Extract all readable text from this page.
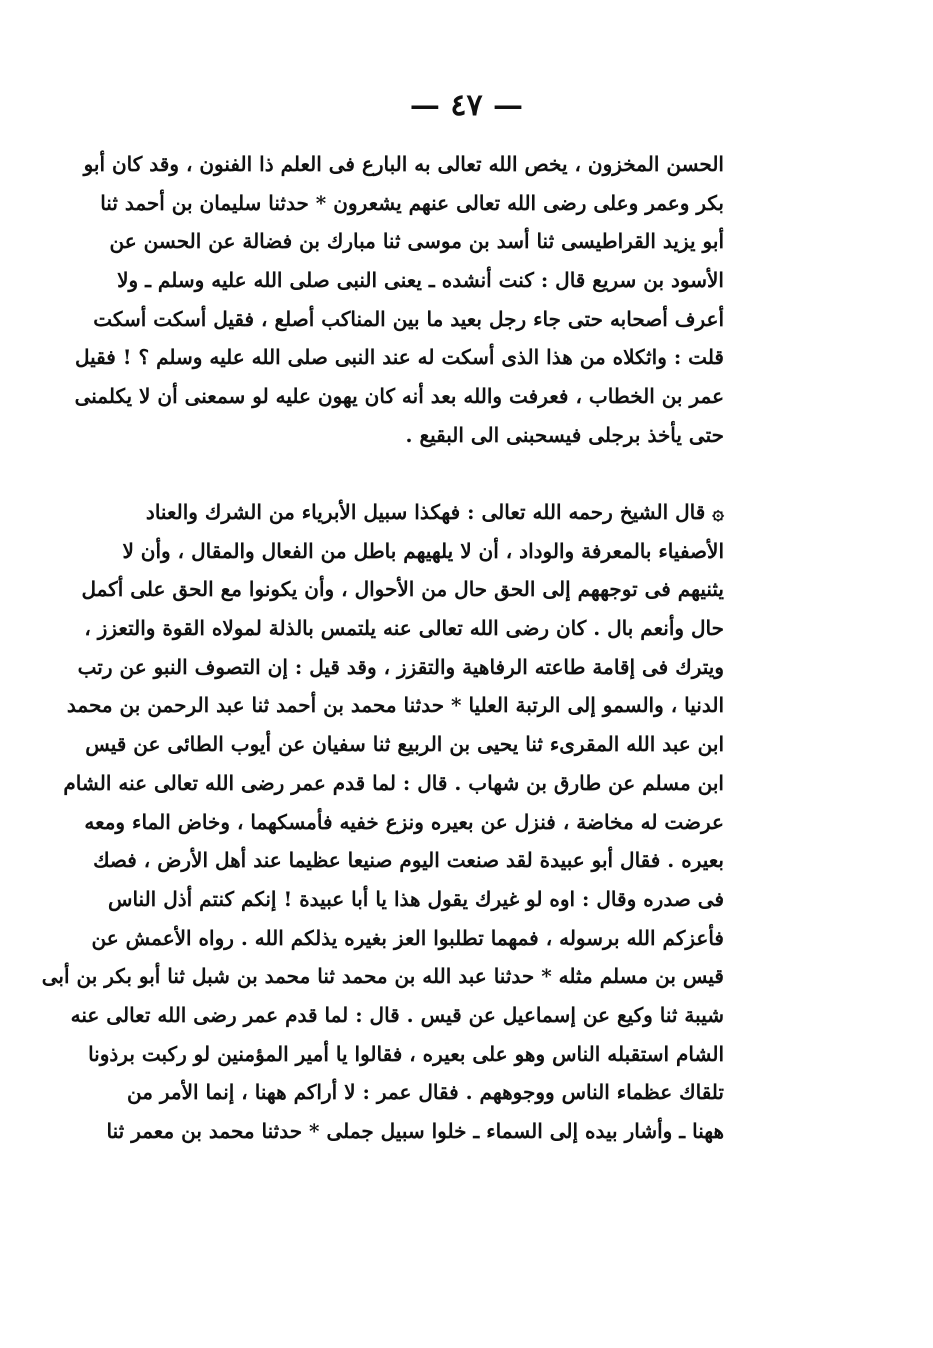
— ٤٧ —
الحسن المخزون ، يخص الله تعالى به البارع فى العلم ذا الفنون ، وقد كان أبو
بكر وعمر وعلى رضى الله تعالى عنهم يشعرون * حدثنا سليمان بن أحمد ثنا
أبو يزيد القراطيسى ثنا أسد بن موسى ثنا مبارك بن فضالة عن الحسن عن
الأسود بن سريع قال : كنت أنشده ـ يعنى النبى صلى الله عليه وسلم ـ ولا
أعرف أصحابه حتى جاء رجل بعيد ما بين المناكب أصلع ، فقيل أسكت أسكت
قلت : واثكلاه من هذا الذى أسكت له عند النبى صلى الله عليه وسلم ؟ ! فقيل
عمر بن الخطاب ، فعرفت والله بعد أنه كان يهون عليه لو سمعنى أن لا يكلمنى
حتى يأخذ برجلى فيسحبنى الى البقيع .
۞ قال الشيخ رحمه الله تعالى : فهكذا سبيل الأبرياء من الشرك والعناد
الأصفياء بالمعرفة والوداد ، أن لا يلهيهم باطل من الفعال والمقال ، وأن لا
يثنيهم فى توجههم إلى الحق حال من الأحوال ، وأن يكونوا مع الحق على أكمل
حال وأنعم بال . كان رضى الله تعالى عنه يلتمس بالذلة لمولاه القوة والتعزز ،
ويترك فى إقامة طاعته الرفاهية والتقزز ، وقد قيل : إن التصوف النبو عن رتب
الدنيا ، والسمو إلى الرتبة العليا * حدثنا محمد بن أحمد ثنا عبد الرحمن بن محمد
ابن عبد الله المقرىء ثنا يحيى بن الربيع ثنا سفيان عن أيوب الطائى عن قيس
ابن مسلم عن طارق بن شهاب . قال : لما قدم عمر رضى الله تعالى عنه الشام
عرضت له مخاضة ، فنزل عن بعيره ونزع خفيه فأمسكهما ، وخاض الماء ومعه
بعيره . فقال أبو عبيدة لقد صنعت اليوم صنيعا عظيما عند أهل الأرض ، فصك
فى صدره وقال : اوه لو غيرك يقول هذا يا أبا عبيدة ! إنكم كنتم أذل الناس
فأعزكم الله برسوله ، فمهما تطلبوا العز بغيره يذلكم الله . رواه الأعمش عن
قيس بن مسلم مثله * حدثنا عبد الله بن محمد ثنا محمد بن شبل ثنا أبو بكر بن أبى
شيبة ثنا وكيع عن إسماعيل عن قيس . قال : لما قدم عمر رضى الله تعالى عنه
الشام استقبله الناس وهو على بعيره ، فقالوا يا أمير المؤمنين لو ركبت برذونا
تلقاك عظماء الناس ووجوههم . فقال عمر : لا أراكم ههنا ، إنما الأمر من
ههنا ـ وأشار بيده إلى السماء ـ خلوا سبيل جملى * حدثنا محمد بن معمر ثنا
